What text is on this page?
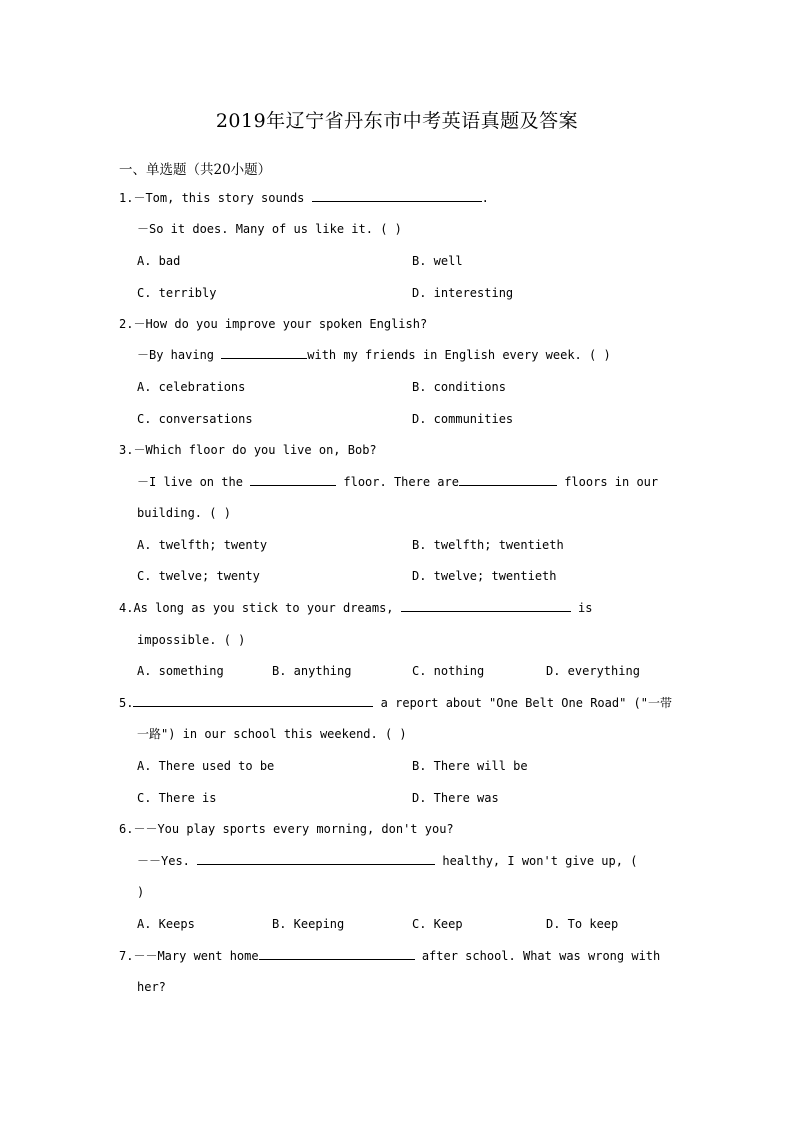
2019年辽宁省丹东市中考英语真题及答案
一、单选题（共20小题）
1.－Tom, this story sounds	.
－So it does. Many of us like it. ( )
A. bad	B. well
C. terribly	D. interesting
2.－How do you improve your spoken English?
－By having	with my friends in English every week. ( )
A. celebrations	B. conditions
C. conversations	D. communities
3.－Which floor do you live on, Bob?
－I live on the	floor. There are	floors in our
building. ( )
A. twelfth; twenty	B. twelfth; twentieth
C. twelve; twenty	D. twelve; twentieth
4.As long as you stick to your dreams,	is
impossible. ( )
A. something	B. anything	C. nothing	D. everything
5.	a report about "One Belt One Road" ("一带
一路") in our school this weekend. ( )
A. There used to be	B. There will be
C. There is	D. There was
6.－－You play sports every morning, don't you?
－－Yes.	healthy, I won't give up, (
)
A. Keeps	B. Keeping	C. Keep	D. To keep
7.－－Mary went home	after school. What was wrong with
her?
